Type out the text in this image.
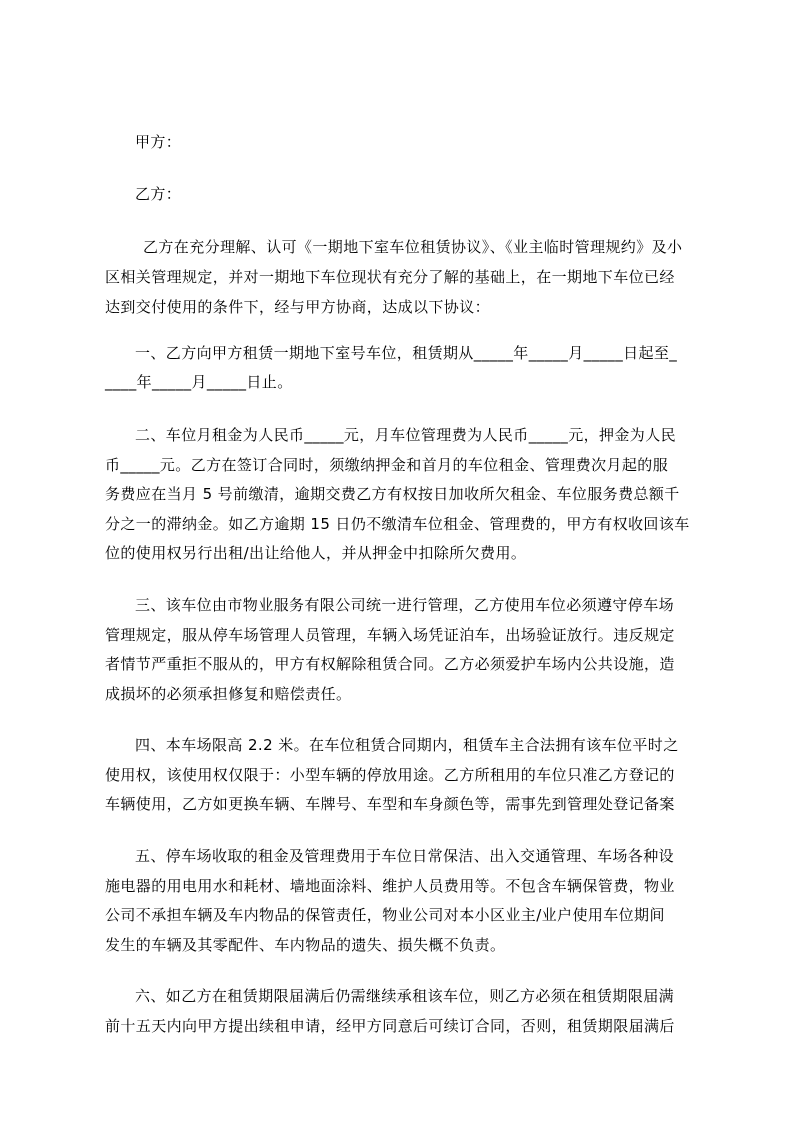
甲方：
乙方：
乙方在充分理解、认可《一期地下室车位租赁协议》、《业主临时管理规约》及小
区相关管理规定，并对一期地下车位现状有充分了解的基础上，在一期地下车位已经
达到交付使用的条件下，经与甲方协商，达成以下协议：
一、乙方向甲方租赁一期地下室号车位，租赁期从_____年_____月_____日起至_
____年_____月_____日止。
二、车位月租金为人民币_____元，月车位管理费为人民币_____元，押金为人民
币_____元。乙方在签订合同时，须缴纳押金和首月的车位租金、管理费次月起的服
务费应在当月 5 号前缴清，逾期交费乙方有权按日加收所欠租金、车位服务费总额千
分之一的滞纳金。如乙方逾期 15 日仍不缴清车位租金、管理费的，甲方有权收回该车
位的使用权另行出租/出让给他人，并从押金中扣除所欠费用。
三、该车位由市物业服务有限公司统一进行管理，乙方使用车位必须遵守停车场
管理规定，服从停车场管理人员管理，车辆入场凭证泊车，出场验证放行。违反规定
者情节严重拒不服从的，甲方有权解除租赁合同。乙方必须爱护车场内公共设施，造
成损坏的必须承担修复和赔偿责任。
四、本车场限高 2.2 米。在车位租赁合同期内，租赁车主合法拥有该车位平时之
使用权，该使用权仅限于：小型车辆的停放用途。乙方所租用的车位只准乙方登记的
车辆使用，乙方如更换车辆、车牌号、车型和车身颜色等，需事先到管理处登记备案
五、停车场收取的租金及管理费用于车位日常保洁、出入交通管理、车场各种设
施电器的用电用水和耗材、墙地面涂料、维护人员费用等。不包含车辆保管费，物业
公司不承担车辆及车内物品的保管责任，物业公司对本小区业主/业户使用车位期间
发生的车辆及其零配件、车内物品的遗失、损失概不负责。
六、如乙方在租赁期限届满后仍需继续承租该车位，则乙方必须在租赁期限届满
前十五天内向甲方提出续租申请，经甲方同意后可续订合同，否则，租赁期限届满后
